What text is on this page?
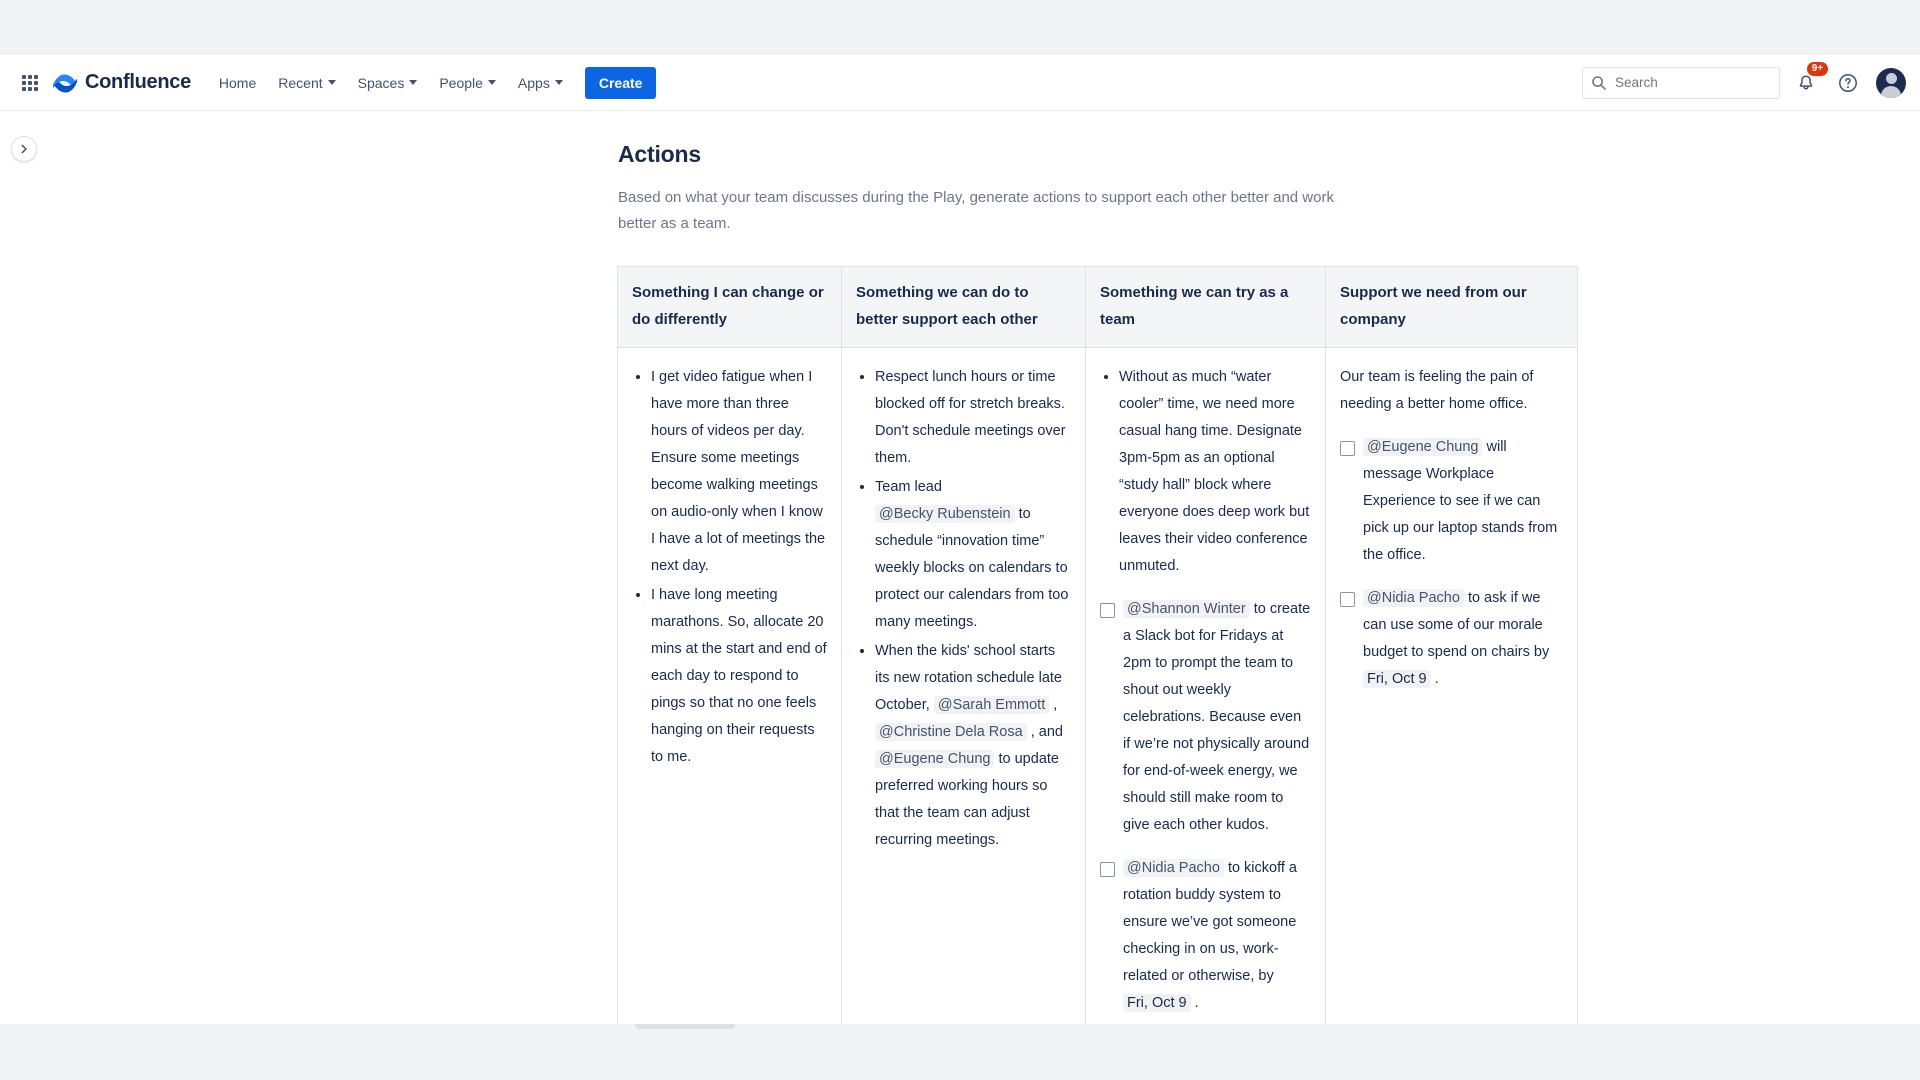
Confluence Home Recent	Spaces	People	Apps	Create
Search
9+
Actions

Based on what your team discusses during the Play, generate actions to support each other better and work better as a team.

Something I can change or do differently	Something we can do to better support each other	Something we can try as a team	Support we need from our company

• I get video fatigue when I have more than three hours of videos per day. Ensure some meetings become walking meetings on audio-only when I know I have a lot of meetings the next day.
• I have long meeting marathons. So, allocate 20 mins at the start and end of each day to respond to pings so that no one feels hanging on their requests to me.

• Respect lunch hours or time blocked off for stretch breaks. Don't schedule meetings over them.
• Team lead @Becky Rubenstein to schedule “innovation time” weekly blocks on calendars to protect our calendars from too many meetings.
• When the kids' school starts its new rotation schedule late October, @Sarah Emmott , @Christine Dela Rosa , and @Eugene Chung to update preferred working hours so that the team can adjust recurring meetings.

• Without as much “water cooler” time, we need more casual hang time. Designate 3pm-5pm as an optional “study hall” block where everyone does deep work but leaves their video conference unmuted.
@Shannon Winter to create a Slack bot for Fridays at 2pm to prompt the team to shout out weekly celebrations. Because even if we’re not physically around for end-of-week energy, we should still make room to give each other kudos.
@Nidia Pacho to kickoff a rotation buddy system to ensure we’ve got someone checking in on us, work-related or otherwise, by Fri, Oct 9 .

Our team is feeling the pain of needing a better home office.

@Eugene Chung will message Workplace Experience to see if we can pick up our laptop stands from the office.
@Nidia Pacho to ask if we can use some of our morale budget to spend on chairs by Fri, Oct 9 .
